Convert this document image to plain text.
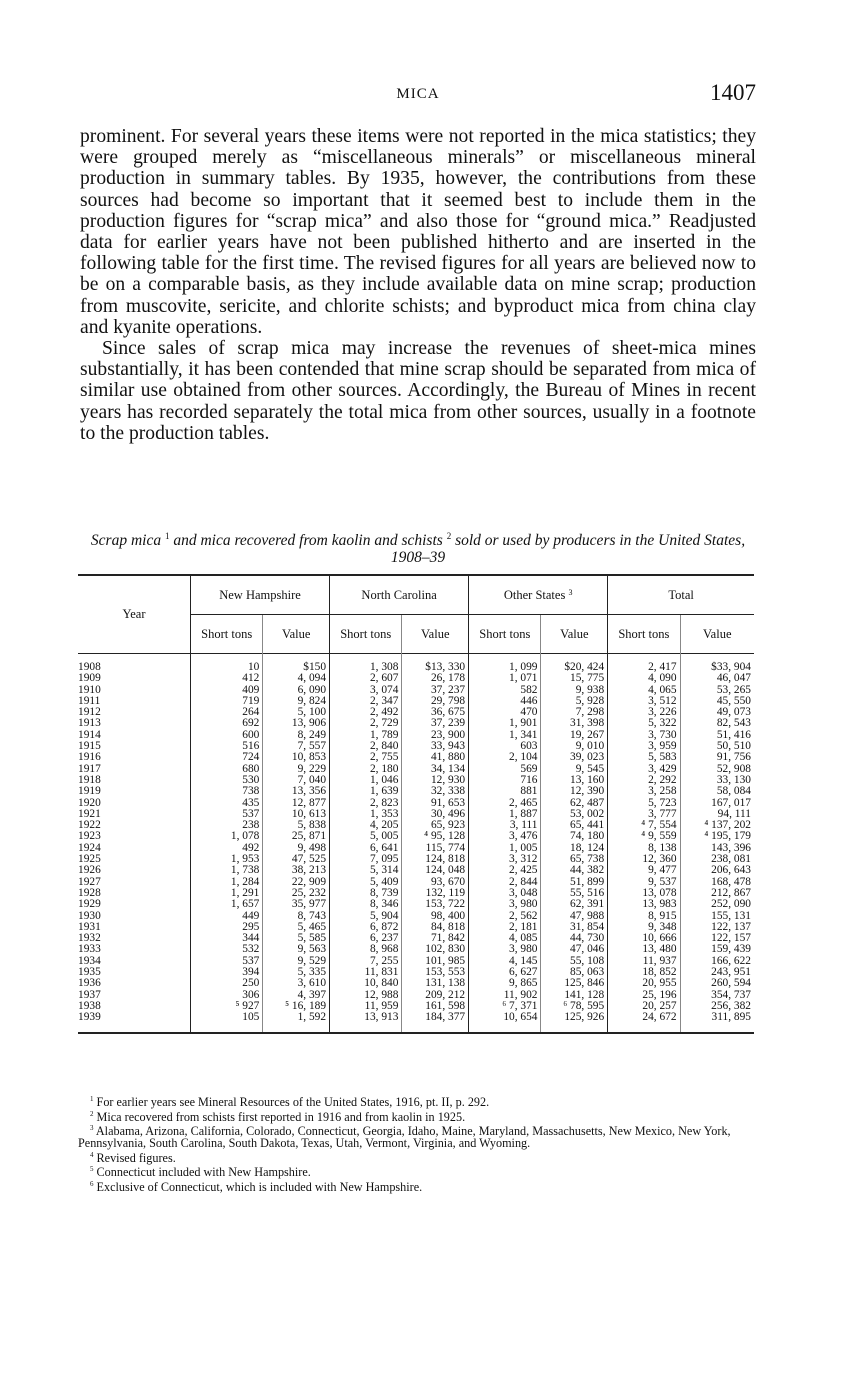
MICA	1407

prominent. For several years these items were not reported in the mica statistics; they were grouped merely as “miscellaneous minerals” or miscellaneous mineral production in summary tables. By 1935, however, the contributions from these sources had become so important that it seemed best to include them in the production figures for “scrap mica” and also those for “ground mica.” Readjusted data for earlier years have not been published hitherto and are inserted in the following table for the first time. The revised figures for all years are believed now to be on a comparable basis, as they include available data on mine scrap; production from muscovite, sericite, and chlorite schists; and byproduct mica from china clay and kyanite operations.

Since sales of scrap mica may increase the revenues of sheet-mica mines substantially, it has been contended that mine scrap should be separated from mica of similar use obtained from other sources. Accordingly, the Bureau of Mines in recent years has recorded separately the total mica from other sources, usually in a footnote to the production tables.

Scrap mica $^1$ and mica recovered from kaolin and schists $^2$ sold or used by producers in the United States, 1908–39
Year	New Hampshire		North Carolina		Other States $^3$		Total	
	Short tons	Value	Short tons	Value	Short tons	Value	Short tons	Value
1908	10	$150	1, 308	$13, 330	1, 099	$20, 424	2, 417	$33, 904
1909	412	4, 094	2, 607	26, 178	1, 071	15, 775	4, 090	46, 047
1910	409	6, 090	3, 074	37, 237	582	9, 938	4, 065	53, 265
1911	719	9, 824	2, 347	29, 798	446	5, 928	3, 512	45, 550
1912	264	5, 100	2, 492	36, 675	470	7, 298	3, 226	49, 073
1913	692	13, 906	2, 729	37, 239	1, 901	31, 398	5, 322	82, 543
1914	600	8, 249	1, 789	23, 900	1, 341	19, 267	3, 730	51, 416
1915	516	7, 557	2, 840	33, 943	603	9, 010	3, 959	50, 510
1916	724	10, 853	2, 755	41, 880	2, 104	39, 023	5, 583	91, 756
1917	680	9, 229	2, 180	34, 134	569	9, 545	3, 429	52, 908
1918	530	7, 040	1, 046	12, 930	716	13, 160	2, 292	33, 130
1919	738	13, 356	1, 639	32, 338	881	12, 390	3, 258	58, 084
1920	435	12, 877	2, 823	91, 653	2, 465	62, 487	5, 723	167, 017
1921	537	10, 613	1, 353	30, 496	1, 887	53, 002	3, 777	94, 111
1922	238	5, 838	4, 205	65, 923	3, 111	65, 441	⁴ 7, 554	⁴ 137, 202
1923	1, 078	25, 871	5, 005	⁴ 95, 128	3, 476	74, 180	⁴ 9, 559	⁴ 195, 179
1924	492	9, 498	6, 641	115, 774	1, 005	18, 124	8, 138	143, 396
1925	1, 953	47, 525	7, 095	124, 818	3, 312	65, 738	12, 360	238, 081
1926	1, 738	38, 213	5, 314	124, 048	2, 425	44, 382	9, 477	206, 643
1927	1, 284	22, 909	5, 409	93, 670	2, 844	51, 899	9, 537	168, 478
1928	1, 291	25, 232	8, 739	132, 119	3, 048	55, 516	13, 078	212, 867
1929	1, 657	35, 977	8, 346	153, 722	3, 980	62, 391	13, 983	252, 090
1930	449	8, 743	5, 904	98, 400	2, 562	47, 988	8, 915	155, 131
1931	295	5, 465	6, 872	84, 818	2, 181	31, 854	9, 348	122, 137
1932	344	5, 585	6, 237	71, 842	4, 085	44, 730	10, 666	122, 157
1933	532	9, 563	8, 968	102, 830	3, 980	47, 046	13, 480	159, 439
1934	537	9, 529	7, 255	101, 985	4, 145	55, 108	11, 937	166, 622
1935	394	5, 335	11, 831	153, 553	6, 627	85, 063	18, 852	243, 951
1936	250	3, 610	10, 840	131, 138	9, 865	125, 846	20, 955	260, 594
1937	306	4, 397	12, 988	209, 212	11, 902	141, 128	25, 196	354, 737
1938	⁵ 927	⁵ 16, 189	11, 959	161, 598	⁶ 7, 371	⁶ 78, 595	20, 257	256, 382
1939	105	1, 592	13, 913	184, 377	10, 654	125, 926	24, 672	311, 895

$^1$ For earlier years see Mineral Resources of the United States, 1916, pt. II, p. 292.

$^2$ Mica recovered from schists first reported in 1916 and from kaolin in 1925.

$^3$ Alabama, Arizona, California, Colorado, Connecticut, Georgia, Idaho, Maine, Maryland, Massachusetts, New Mexico, New York, Pennsylvania, South Carolina, South Dakota, Texas, Utah, Vermont, Virginia, and Wyoming.

$^4$ Revised figures.

$^5$ Connecticut included with New Hampshire.

$^6$ Exclusive of Connecticut, which is included with New Hampshire.
